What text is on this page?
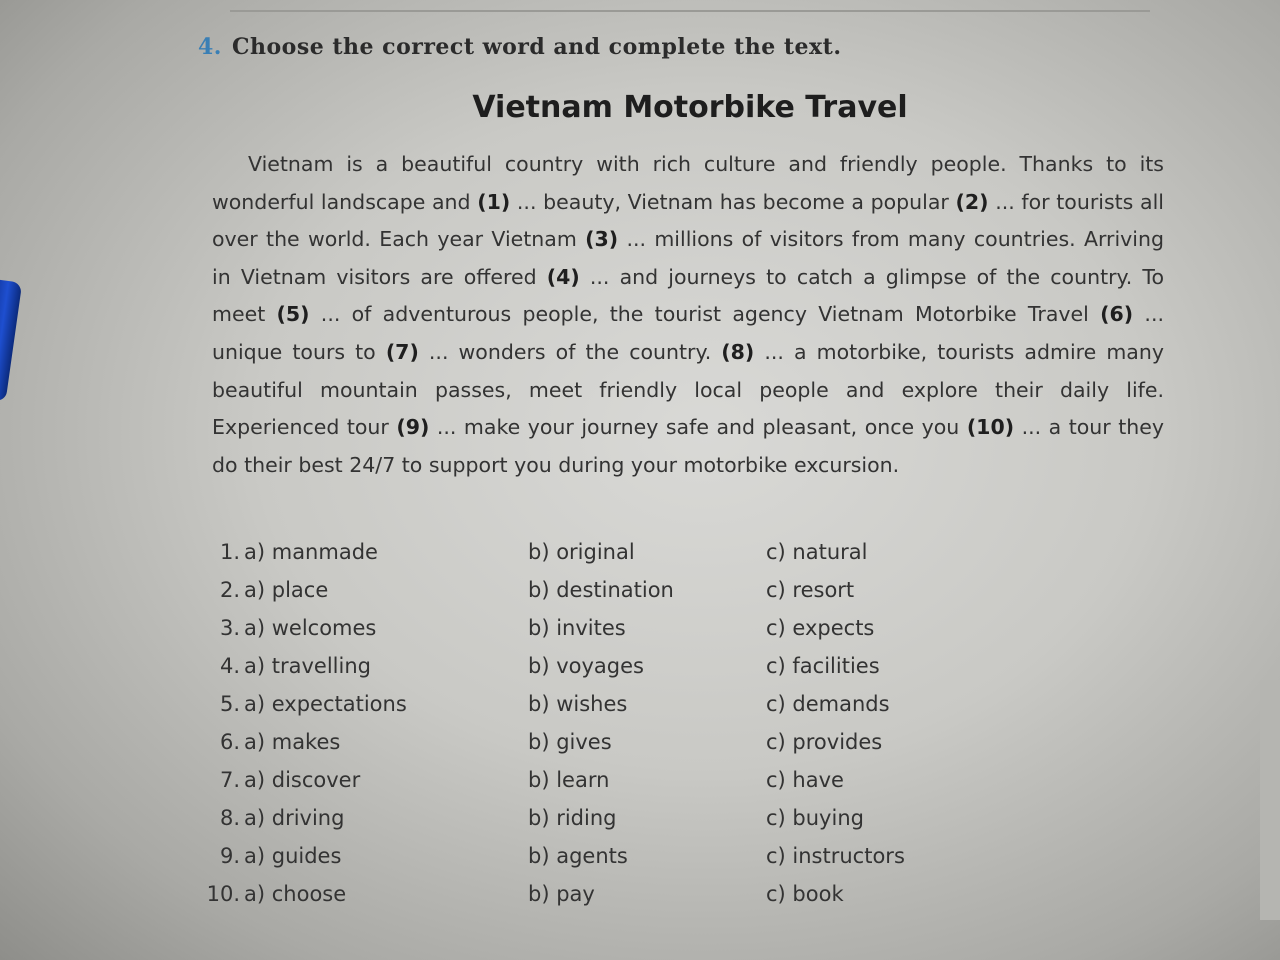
4. Choose the correct word and complete the text.
Vietnam Motorbike Travel

Vietnam is a beautiful country with rich culture and friendly people. Thanks to its wonderful landscape and (1) ... beauty, Vietnam has become a popular (2) ... for tourists all over the world. Each year Vietnam (3) ... millions of visitors from many countries. Arriving in Vietnam visitors are offered (4) ... and journeys to catch a glimpse of the country. To meet (5) ... of adventurous people, the tourist agency Vietnam Motorbike Travel (6) ... unique tours to (7) ... wonders of the country. (8) ... a motorbike, tourists admire many beautiful mountain passes, meet friendly local people and explore their daily life. Experienced tour (9) ... make your journey safe and pleasant, once you (10) ... a tour they do their best 24/7 to support you during your motorbike excursion.

1. a) manmade	b) original	c) natural
2. a) place	b) destination	c) resort
3. a) welcomes	b) invites	c) expects
4. a) travelling	b) voyages	c) facilities
5. a) expectations	b) wishes	c) demands
6. a) makes	b) gives	c) provides
7. a) discover	b) learn	c) have
8. a) driving	b) riding	c) buying
9. a) guides	b) agents	c) instructors
10. a) choose	b) pay	c) book
